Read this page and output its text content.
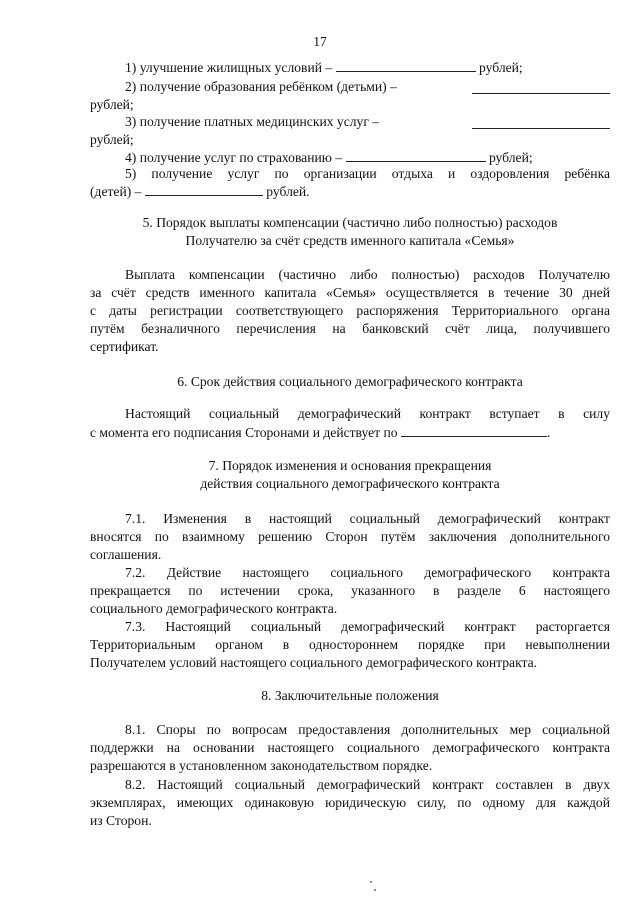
17
1) улучшение жилищных условий –	рублей;
2) получение образования ребёнком (детьми) –
рублей;
3) получение платных медицинских услуг –
рублей;
4) получение услуг по страхованию –	рублей;
5) получение услуг по организации отдыха и оздоровления ребёнка
(детей) –	рублей.
5. Порядок выплаты компенсации (частично либо полностью) расходов
Получателю за счёт средств именного капитала «Семья»
Выплата компенсации (частично либо полностью) расходов Получателю
за счёт средств именного капитала «Семья» осуществляется в течение 30 дней
с даты регистрации соответствующего распоряжения Территориального органа
путём безналичного перечисления на банковский счёт лица, получившего
сертификат.
6. Срок действия социального демографического контракта
Настоящий социальный демографический контракт вступает в силу
с момента его подписания Сторонами и действует по	.
7. Порядок изменения и основания прекращения
действия социального демографического контракта
7.1. Изменения в настоящий социальный демографический контракт
вносятся по взаимному решению Сторон путём заключения дополнительного
соглашения.
7.2. Действие настоящего социального демографического контракта
прекращается по истечении срока, указанного в разделе 6 настоящего
социального демографического контракта.
7.3. Настоящий социальный демографический контракт расторгается
Территориальным органом в одностороннем порядке при невыполнении
Получателем условий настоящего социального демографического контракта.
8. Заключительные положения
8.1. Споры по вопросам предоставления дополнительных мер социальной
поддержки на основании настоящего социального демографического контракта
разрешаются в установленном законодательством порядке.
8.2. Настоящий социальный демографический контракт составлен в двух
экземплярах, имеющих одинаковую юридическую силу, по одному для каждой
из Сторон.
